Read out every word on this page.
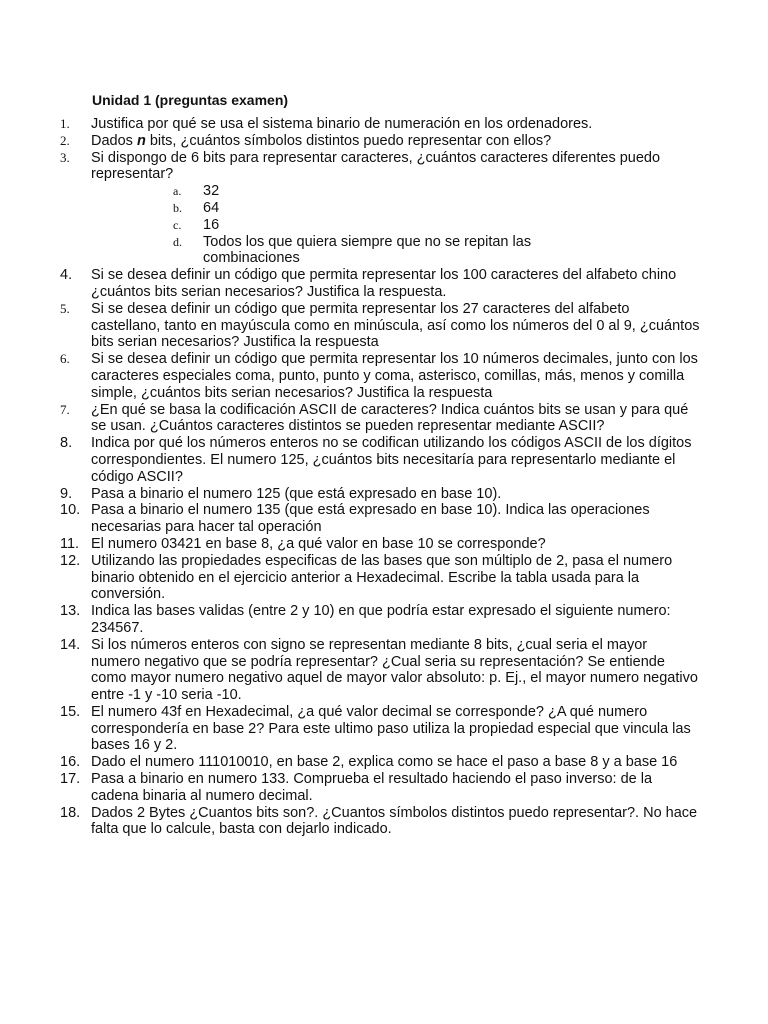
Unidad 1 (preguntas examen)
1.	Justifica por qué se usa el sistema binario de numeración en los ordenadores.
2.	Dados n bits, ¿cuántos símbolos distintos puedo representar con ellos?
3.	Si dispongo de 6 bits para representar caracteres, ¿cuántos caracteres diferentes puedo representar?
a.	32
b.	64
c.	16
d.	Todos los que quiera siempre que no se repitan las combinaciones
4.	Si se desea definir un código que permita representar los 100 caracteres del alfabeto chino ¿cuántos bits serian necesarios? Justifica la respuesta.
5.	Si se desea definir un código que permita representar los 27 caracteres del alfabeto castellano, tanto en mayúscula como en minúscula, así como los números del 0 al 9, ¿cuántos bits serian necesarios? Justifica la respuesta
6.	Si se desea definir un código que permita representar los 10 números decimales, junto con los caracteres especiales coma, punto, punto y coma, asterisco, comillas, más, menos y comilla simple, ¿cuántos bits serian necesarios? Justifica la respuesta
7.	¿En qué se basa la codificación ASCII de caracteres? Indica cuántos bits se usan y para qué se usan. ¿Cuántos caracteres distintos se pueden representar mediante ASCII?
8.	Indica por qué los números enteros no se codifican utilizando los códigos ASCII de los dígitos correspondientes. El numero 125, ¿cuántos bits necesitaría para representarlo mediante el código ASCII?
9.	Pasa a binario el numero 125 (que está expresado en base 10).
10. Pasa a binario el numero 135 (que está expresado en base 10). Indica las operaciones necesarias para hacer tal operación
11. El numero 03421 en base 8, ¿a qué valor en base 10 se corresponde?
12. Utilizando las propiedades especificas de las bases que son múltiplo de 2, pasa el numero binario obtenido en el ejercicio anterior a Hexadecimal. Escribe la tabla usada para la conversión.
13. Indica las bases validas (entre 2 y 10) en que podría estar expresado el siguiente numero: 234567.
14. Si los números enteros con signo se representan mediante 8 bits, ¿cual seria el mayor numero negativo que se podría representar? ¿Cual seria su representación? Se entiende como mayor numero negativo aquel de mayor valor absoluto: p. Ej., el mayor numero negativo entre -1 y -10 seria -10.
15. El numero 43f en Hexadecimal, ¿a qué valor decimal se corresponde? ¿A qué numero correspondería en base 2? Para este ultimo paso utiliza la propiedad especial que vincula las bases 16 y 2.
16. Dado el numero 111010010, en base 2, explica como se hace el paso a base 8 y a base 16
17. Pasa a binario en numero 133. Comprueba el resultado haciendo el paso inverso: de la cadena binaria al numero decimal.
18. Dados 2 Bytes ¿Cuantos bits son?. ¿Cuantos símbolos distintos puedo representar?. No hace falta que lo calcule, basta con dejarlo indicado.
